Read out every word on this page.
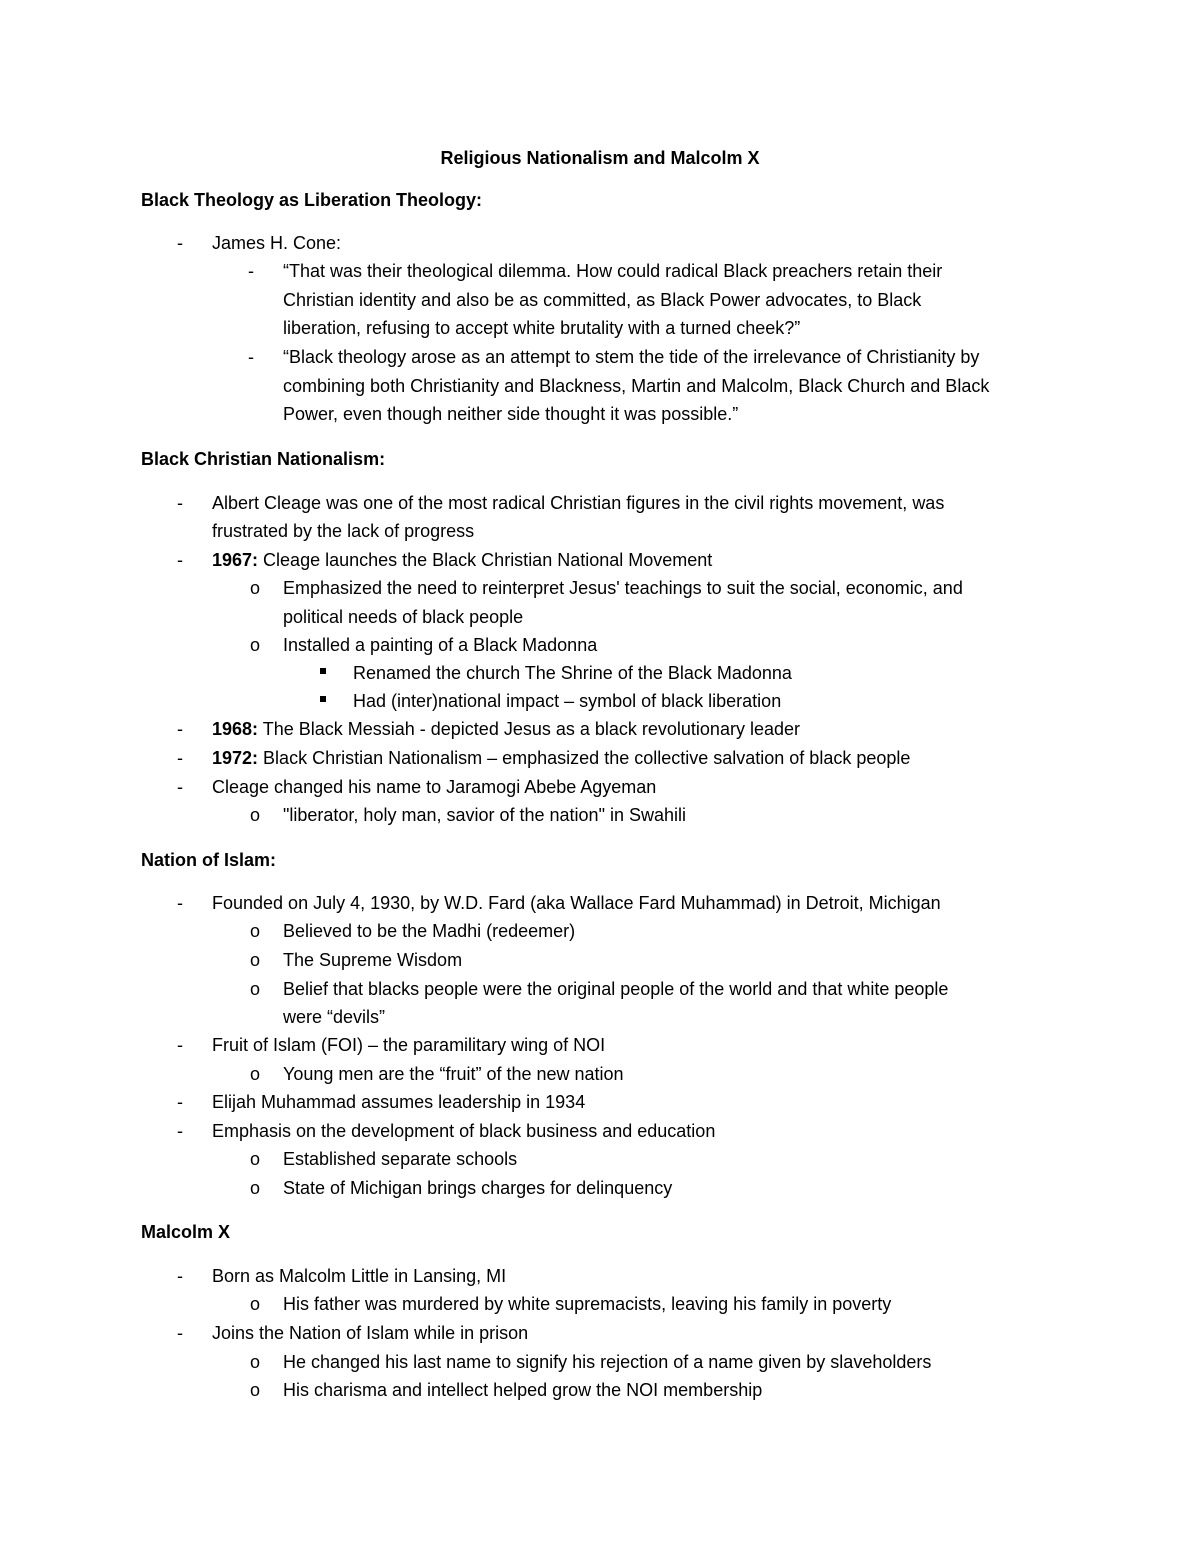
Religious Nationalism and Malcolm X
Black Theology as Liberation Theology:
- James H. Cone:
- “That was their theological dilemma. How could radical Black preachers retain their
Christian identity and also be as committed, as Black Power advocates, to Black
liberation, refusing to accept white brutality with a turned cheek?”
- “Black theology arose as an attempt to stem the tide of the irrelevance of Christianity by
combining both Christianity and Blackness, Martin and Malcolm, Black Church and Black
Power, even though neither side thought it was possible.”
Black Christian Nationalism:
- Albert Cleage was one of the most radical Christian figures in the civil rights movement, was
frustrated by the lack of progress
- 1967: Cleage launches the Black Christian National Movement
o Emphasized the need to reinterpret Jesus' teachings to suit the social, economic, and
political needs of black people
o Installed a painting of a Black Madonna
Renamed the church The Shrine of the Black Madonna
Had (inter)national impact – symbol of black liberation
- 1968: The Black Messiah - depicted Jesus as a black revolutionary leader
- 1972: Black Christian Nationalism – emphasized the collective salvation of black people
- Cleage changed his name to Jaramogi Abebe Agyeman
o "liberator, holy man, savior of the nation" in Swahili
Nation of Islam:
- Founded on July 4, 1930, by W.D. Fard (aka Wallace Fard Muhammad) in Detroit, Michigan
o Believed to be the Madhi (redeemer)
o The Supreme Wisdom
o Belief that blacks people were the original people of the world and that white people
were “devils”
- Fruit of Islam (FOI) – the paramilitary wing of NOI
o Young men are the “fruit” of the new nation
- Elijah Muhammad assumes leadership in 1934
- Emphasis on the development of black business and education
o Established separate schools
o State of Michigan brings charges for delinquency
Malcolm X
- Born as Malcolm Little in Lansing, MI
o His father was murdered by white supremacists, leaving his family in poverty
- Joins the Nation of Islam while in prison
o He changed his last name to signify his rejection of a name given by slaveholders
o His charisma and intellect helped grow the NOI membership
